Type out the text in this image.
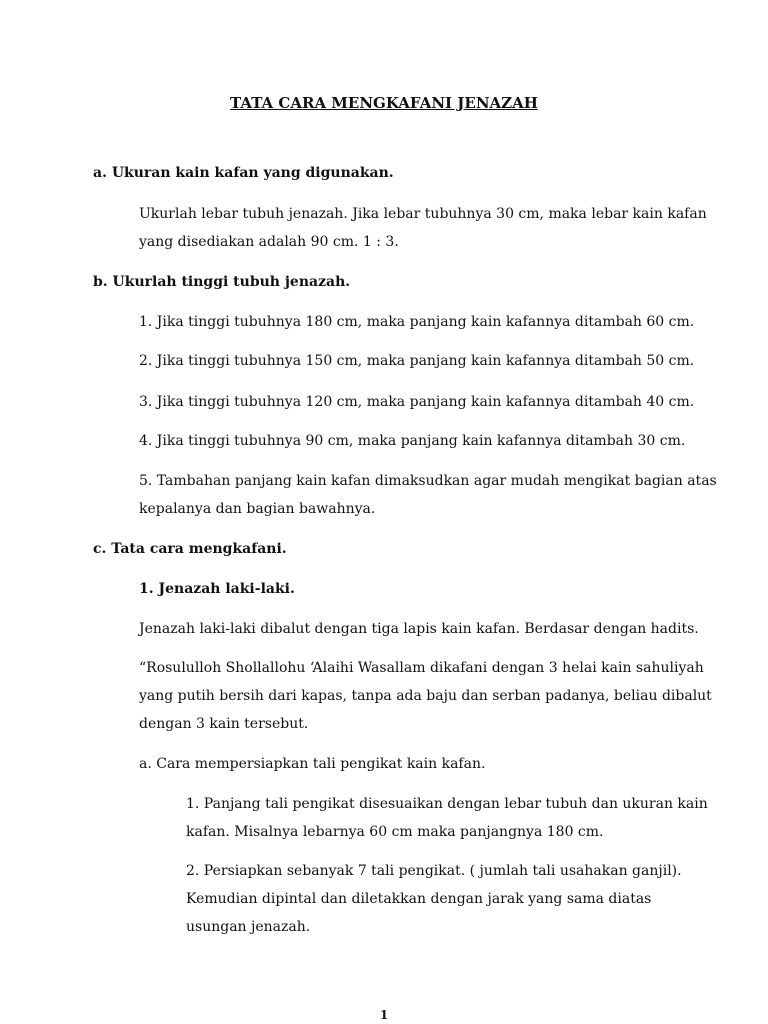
TATA CARA MENGKAFANI JENAZAH
a. Ukuran kain kafan yang digunakan.
Ukurlah lebar tubuh jenazah. Jika lebar tubuhnya 30 cm, maka lebar kain kafan
yang disediakan adalah 90 cm. 1 : 3.
b. Ukurlah tinggi tubuh jenazah.
1. Jika tinggi tubuhnya 180 cm, maka panjang kain kafannya ditambah 60 cm.
2. Jika tinggi tubuhnya 150 cm, maka panjang kain kafannya ditambah 50 cm.
3. Jika tinggi tubuhnya 120 cm, maka panjang kain kafannya ditambah 40 cm.
4. Jika tinggi tubuhnya 90 cm, maka panjang kain kafannya ditambah 30 cm.
5. Tambahan panjang kain kafan dimaksudkan agar mudah mengikat bagian atas
kepalanya dan bagian bawahnya.
c. Tata cara mengkafani.
1. Jenazah laki-laki.
Jenazah laki-laki dibalut dengan tiga lapis kain kafan. Berdasar dengan hadits.
“Rosululloh Shollallohu ‘Alaihi Wasallam dikafani dengan 3 helai kain sahuliyah
yang putih bersih dari kapas, tanpa ada baju dan serban padanya, beliau dibalut
dengan 3 kain tersebut.
a. Cara mempersiapkan tali pengikat kain kafan.
1. Panjang tali pengikat disesuaikan dengan lebar tubuh dan ukuran kain
kafan. Misalnya lebarnya 60 cm maka panjangnya 180 cm.
2. Persiapkan sebanyak 7 tali pengikat. ( jumlah tali usahakan ganjil).
Kemudian dipintal dan diletakkan dengan jarak yang sama diatas
usungan jenazah.
1
